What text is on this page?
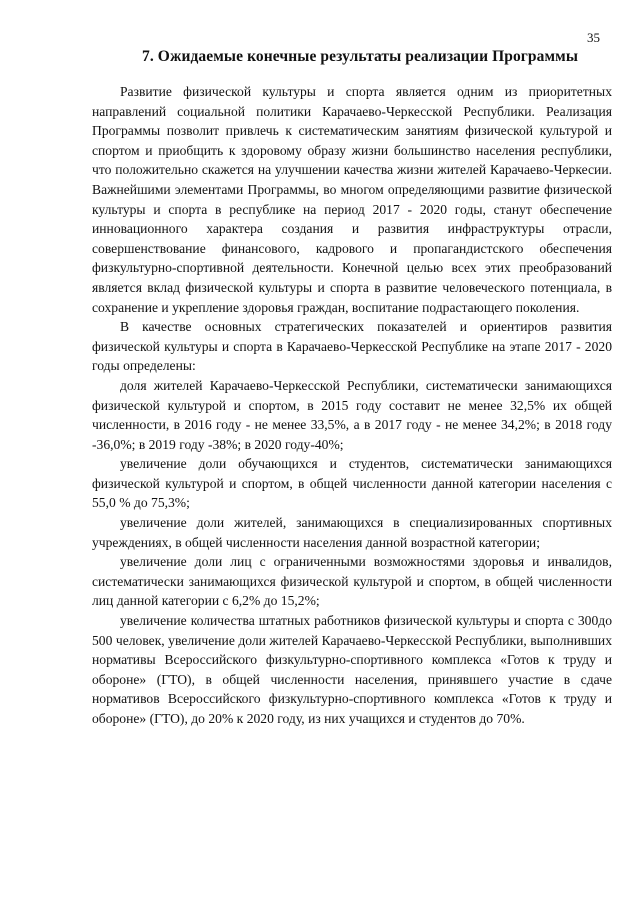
35
7. Ожидаемые конечные результаты реализации Программы

Развитие физической культуры и спорта является одним из приоритетных направлений социальной политики Карачаево-Черкесской Республики. Реализация Программы позволит привлечь к систематическим занятиям физической культурой и спортом и приобщить к здоровому образу жизни большинство населения республики, что положительно скажется на улучшении качества жизни жителей Карачаево-Черкесии. Важнейшими элементами Программы, во многом определяющими развитие физической культуры и спорта в республике на период 2017 - 2020 годы, станут обеспечение инновационного характера создания и развития инфраструктуры отрасли, совершенствование финансового, кадрового и пропагандистского обеспечения физкультурно-спортивной деятельности. Конечной целью всех этих преобразований является вклад физической культуры и спорта в развитие человеческого потенциала, в сохранение и укрепление здоровья граждан, воспитание подрастающего поколения.

В качестве основных стратегических показателей и ориентиров развития физической культуры и спорта в Карачаево-Черкесской Республике на этапе 2017 - 2020 годы определены:

доля жителей Карачаево-Черкесской Республики, систематически занимающихся физической культурой и спортом, в 2015 году составит не менее 32,5% их общей численности, в 2016 году - не менее 33,5%, а в 2017 году - не менее 34,2%; в 2018 году -36,0%; в 2019 году -38%; в 2020 году-40%;

увеличение доли обучающихся и студентов, систематически занимающихся физической культурой и спортом, в общей численности данной категории населения с 55,0 % до 75,3%;

увеличение доли жителей, занимающихся в специализированных спортивных учреждениях, в общей численности населения данной возрастной категории;

увеличение доли лиц с ограниченными возможностями здоровья и инвалидов, систематически занимающихся физической культурой и спортом, в общей численности лиц данной категории с 6,2% до 15,2%;

увеличение количества штатных работников физической культуры и спорта с 300до 500 человек, увеличение доли жителей Карачаево-Черкесской Республики, выполнивших нормативы Всероссийского физкультурно-спортивного комплекса «Готов к труду и обороне» (ГТО), в общей численности населения, принявшего участие в сдаче нормативов Всероссийского физкультурно-спортивного комплекса «Готов к труду и обороне» (ГТО), до 20% к 2020 году, из них учащихся и студентов до 70%.
